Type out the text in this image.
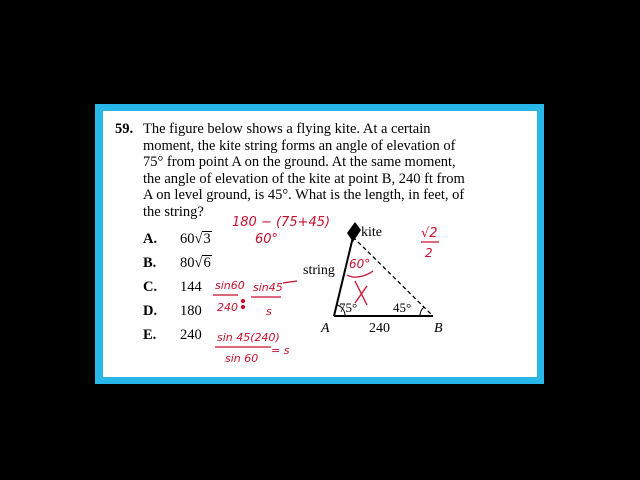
59. The figure below shows a flying kite. At a certain
moment, the kite string forms an angle of elevation of
75° from point A on the ground. At the same moment,
the angle of elevation of the kite at point B, 240 ft from
A on level ground, is 45°. What is the length, in feet, of
the string?
A. 60√3
B. 80√6
C. 144
D. 180
E. 240
kite
string
75°	45°
A	240	B
180 − (75+45)
60°
60°
√2
2
sin60
240
sin45
s
sin 45(240)
sin 60
= s
